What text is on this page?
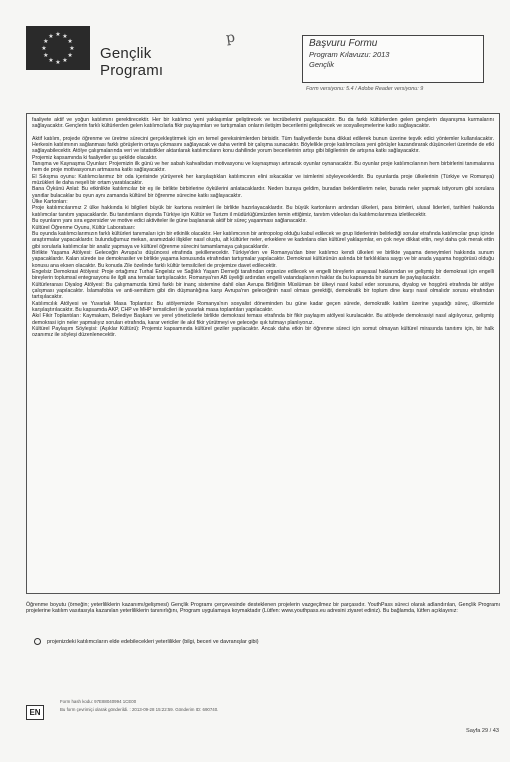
★ ★
★
★
★
★
★
★
★
★
★
★
Gençlik
Programı
p	Başvuru Formu
Program Kılavuzu: 2013
Gençlik
Form versiyonu: 5.4 / Adobe Reader versiyonu: 9

faaliyete aktif ve yoğun katılımını gerektirecektir. Her bir katılımcı yeni yaklaşımlar geliştirecek ve tecrübelerini paylaşacaktır. Bu da farklı kültürlerden gelen gençlerin dayanışma kurmalarını sağlayacaktır. Gençlerin farklı kültürlerden gelen katılımcılarla fikir paylaşımları ve tartışmaları onların iletişim becerilerini geliştirecek ve sosyalleşmelerine katkı sağlayacaktır.

Aktif katılım, projede öğrenme ve üretme sürecini gerçekleştirmek için en temel gereksinimlerden birisidir. Tüm faaliyetlerde buna dikkat edilerek bunun üzerine teşvik edici yöntemler kullanılacaktır. Herkesin katılımının sağlanması farklı görüşlerin ortaya çıkmasını sağlayacak ve daha verimli bir çalışma sunacaktır. Böylelikle proje katılımcılara yeni görüşler kazandırarak düşünceleri üzerinde de etki sağlayabilecektir. Atölye çalışmalarında veri ve istatistikler aktarılarak katılımcıların konu dahilinde yorum becerilerinin artışı gibi bilgilerinin de artışına katkı sağlayacaktır.

Projemiz kapsamında ki faaliyetler şu şekilde olacaktır.

Tanışma ve Kaynaşma Oyunları: Projemizin ilk günü ve her sabah kahvaltıdan motivasyonu ve kaynaşmayı artıracak oyunlar oynanacaktır. Bu oyunlar proje katılımcılarının hem birbirlerini tanımalarına hem de proje motivasyonun artmasına katkı sağlayacaktır.

El Sıkışma oyunu: Katılımcılarımız bir oda içerisinde yürüyerek her karşılaştıkları katılımcının elini sıkacaklar ve isimlerini söyleyeceklerdir. Bu oyunlarda proje ülkelerinin (Türkiye ve Romanya) müzükleri ile daha neşeli bir ortam yaratılacaktır.

Bana Öykünü Anlat: Bu etkinlikte katılımcılar bir eş ile birlikte birbirlerine öykülerini anlatacaklardır. Neden buraya geldim, buradan beklentilerim neler, burada neler yapmak istiyorum gibi sorulara yanıtlar bulacaklar bu oyun aynı zamanda kültürel bir öğrenme sürecine katkı sağlayacaktır.

Ülke Kartonları:

Proje katılımcılarımız 2 ülke hakkında ki bilgileri büyük bir kartona resimleri ile birlikte hazırlayacaklardır. Bu büyük kartonların ardından ülkeleri, para birimleri, ulusal liderleri, tarihleri hakkında katılımcılar tanıtım yapacaklardır. Bu tanıtımların dışında Türkiye için Kültür ve Turizm il müdürlüğümüzden temin ettiğimiz, tanıtım videoları da katılımcılarımıza izletilecektir.

Bu oyunların yanı sıra egzersizler ve motive edici aktiviteler ile güne başlanarak aktif bir süreç yaşanması sağlanacaktır.

Kültürel Öğrenme Oyunu, Kültür Laboratuarı:

Bu oyunda katılımcılarımızın farklı kültürleri tanımaları için bir etkinlik olacaktır. Her katılımcının bir antropolog olduğu kabul edilecek ve grup liderlerinin belirlediği sorular etrafında katılımcılar grup içinde araştırmalar yapacaklardır. bulunduğumuz mekan, aramızdaki ilişkiler nasıl oluştu, alt kültürler neler, erkeklere ve kadınlara olan kültürel yaklaşımlar, en çok neye dikkat ettin, neyi daha çok merak ettin gibi sorularla katılımcılar bir analiz yapmaya ve kültürel öğrenme sürecini tamamlamaya çalışacaklardır.

Birlikte Yaşama Atölyesi: Geleceğin Avrupa'sı düşüncesi etrafında şekillenecektir. Türkiye'den ve Romanya'dan birer katılımcı kendi ülkeleri ve birlikte yaşama deneyimleri hakkında sunum yapacaklardır. Kalan sürede ise demokrasiler ve birlikte yaşama konusunda etrafından tartışmalar yapılacaktır. Demokrasi kültürünün aslında bir farklılıklara saygı ve bir arada yaşama hoşgörüsü olduğu konusu ana eksen olacaktır. Bu konuda Zile özelinde farklı kültür temsilcileri de projemize davet edilecektir.

Engelsiz Demokrasi Atölyesi: Proje ortağımız Turhal Engelsiz ve Sağlıklı Yaşam Derneği tarafından organize edilecek ve engelli bireylerin anayasal haklarından ve gelişmiş bir demokrasi için engelli bireylerin toplumsal entegrasyonu ile ilgili ana temalar tartışılacaktır. Romanya'nın AB üyeliği ardından engelli vatandaşlarının haklar da bu kapsamda bir sunum ile paylaşılacaktır.

Kültürlerarası Diyalog Atölyesi: Bu çalışmamızda tümü farklı bir inanç sistemine dahil olan Avrupa Birliğinin Müslüman bir ülkeyi nasıl kabul eder sorusuna, diyalog ve hoşgörü etrafında bir atölye çalışması yapılacaktır. İslamafobia ve anti-semitizm gibi din düşmanlığına karşı Avrupa'nın geleceğinin nasıl olması gerektiği, demokratik bir toplum dine karşı nasıl olmalıdır sorusu etrafından tartışılacaktır.

Katılımcılık Atölyesi ve Yuvarlak Masa Toplantısı: Bu atölyemizde Romanya'nın sosyalist döneminden bu güne kadar geçen sürede, demokratik katılım üzerine yaşadığı süreç, ülkemizle karşılaştırılacaktır. Bu kapsamda AKP, CHP ve MHP temsilcileri ile yuvarlak masa toplantıları yapılacaktır.

Akıl Fikir Toplantıları: Kaymakam, Belediye Başkanı ve yerel yöneticilerle birlikte demokrasi teması etrafında bir fikir paylaşım atölyesi kurulacaktır. Bu atölyede demokrasiyi nasıl algılıyoruz, gelişmiş demokrasi için neler yapmalıyız soruları etrafında, karar vericiler ile akıl fikir yürütmeyi ve geleceğe ışık tutmayı planlıyoruz.

Kültürel Paylaşım Söyleşisi: (Aşıklar Kültürü): Projemiz kapsamında kültürel geziler yapılacaktır. Ancak daha etkin bir öğrenme süreci için somut olmayan kültürel mirasında tanıtımı için, bir halk ozanımız ile söyleşi düzenlenecektir.

Öğrenme boyutu (örneğin; yeterliliklerin kazanımı/gelişmesi) Gençlik Programı çerçevesinde desteklenen projelerin vazgeçilmez bir parçasıdır. YouthPass süreci olarak adlandırılan, Gençlik Programı projelerine katılım vasıtasıyla kazanılan yeterliliklerin tanınırlığını, Program uygulamaya koymaktadır (Lütfen: www.youthpass.eu adresini ziyaret ediniz). Bu bağlamda, lütfen açıklayınız:
projenizdeki katılımcıların elde edebilecekleri yeterlilikler (bilgi, beceri ve davranışlar gibi)
Form hash kodu: 97E88040994 1CE00
Bu form çevrimiçi olarak gönderildi. : 2013-09-28 15:22:59. Gönderim ID: 690740.
EN
Sayfa 29 / 43
